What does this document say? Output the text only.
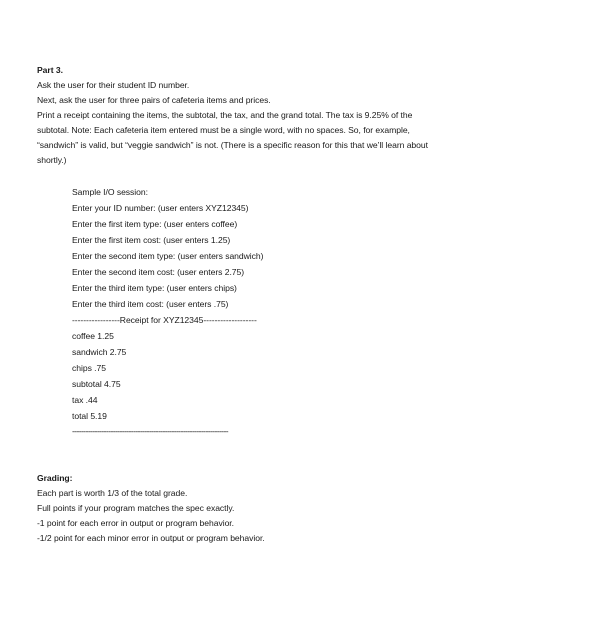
Part 3.
Ask the user for their student ID number.
Next, ask the user for three pairs of cafeteria items and prices.
Print a receipt containing the items, the subtotal, the tax, and the grand total. The tax is 9.25% of the
subtotal. Note: Each cafeteria item entered must be a single word, with no spaces. So, for example,
“sandwich” is valid, but “veggie sandwich” is not. (There is a specific reason for this that we’ll learn about
shortly.)
Sample I/O session:
Enter your ID number: (user enters XYZ12345)
Enter the first item type: (user enters coffee)
Enter the first item cost: (user enters 1.25)
Enter the second item type: (user enters sandwich)
Enter the second item cost: (user enters 2.75)
Enter the third item type: (user enters chips)
Enter the third item cost: (user enters .75)
-----------------Receipt for XYZ12345-------------------
coffee 1.25
sandwich 2.75
chips .75
subtotal 4.75
tax .44
total 5.19
---------------------------------------------------------------------
Grading:
Each part is worth 1/3 of the total grade.
Full points if your program matches the spec exactly.
-1 point for each error in output or program behavior.
-1/2 point for each minor error in output or program behavior.
